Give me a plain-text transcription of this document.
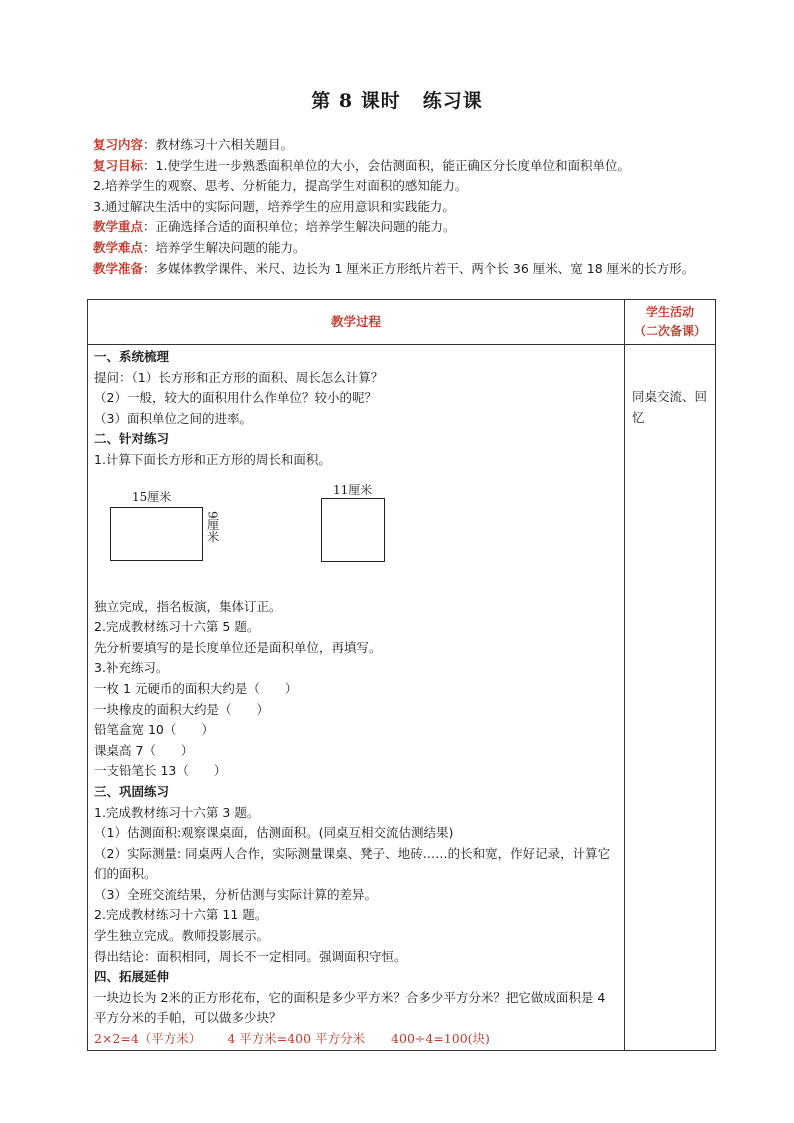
第 8 课时 练习课

复习内容：教材练习十六相关题目。

复习目标：1.使学生进一步熟悉面积单位的大小，会估测面积，能正确区分长度单位和面积单位。

2.培养学生的观察、思考、分析能力，提高学生对面积的感知能力。

3.通过解决生活中的实际问题，培养学生的应用意识和实践能力。

教学重点：正确选择合适的面积单位；培养学生解决问题的能力。

教学难点：培养学生解决问题的能力。

教学准备：多媒体教学课件、米尺、边长为 1 厘米正方形纸片若干、两个长 36 厘米、宽 18 厘米的长方形。

教学过程
学生活动
（二次备课）

一、系统梳理

提问：（1）长方形和正方形的面积、周长怎么计算？

（2）一般，较大的面积用什么作单位？较小的呢？

（3）面积单位之间的进率。

二、针对练习

1.计算下面长方形和正方形的周长和面积。

15厘米
9厘米
11厘米

独立完成，指名板演，集体订正。

2.完成教材练习十六第 5 题。

先分析要填写的是长度单位还是面积单位，再填写。

3.补充练习。

一枚 1 元硬币的面积大约是（　　）

一块橡皮的面积大约是（　　）

铅笔盒宽 10（　　）

课桌高 7（　　）

一支铅笔长 13（　　）

三、巩固练习

1.完成教材练习十六第 3 题。

（1）估测面积:观察课桌面，估测面积。(同桌互相交流估测结果)

（2）实际测量: 同桌两人合作，实际测量课桌、凳子、地砖……的长和宽，作好记录，计算它们的面积。

（3）全班交流结果，分析估测与实际计算的差异。

2.完成教材练习十六第 11 题。

学生独立完成。教师投影展示。

得出结论：面积相同，周长不一定相同。强调面积守恒。

四、拓展延伸

一块边长为 2米的正方形花布，它的面积是多少平方米？合多少平方分米？把它做成面积是 4 平方分米的手帕，可以做多少块？

2×2=4（平方米） 4 平方米=400 平方分米 400÷4=100(块)

同桌交流、回忆
